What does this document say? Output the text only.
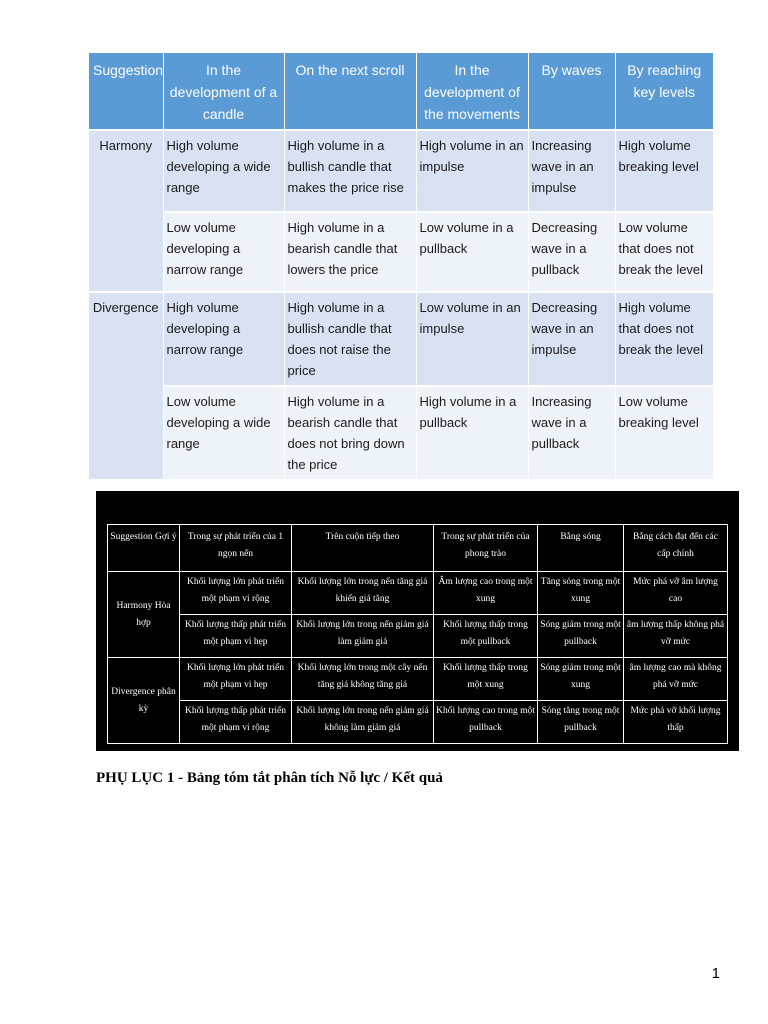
Suggestion	In the development of a candle	On the next scroll	In the development of the movements	By waves	By reaching key levels
Harmony	High volume developing a wide range	High volume in a bullish candle that makes the price rise	High volume in an impulse	Increasing wave in an impulse	High volume breaking level
	Low volume developing a narrow range	High volume in a bearish candle that lowers the price	Low volume in a pullback	Decreasing wave in a pullback	Low volume that does not break the level
Divergence	High volume developing a narrow range	High volume in a bullish candle that does not raise the price	Low volume in an impulse	Decreasing wave in an impulse	High volume that does not break the level
	Low volume developing a wide range	High volume in a bearish candle that does not bring down the price	High volume in a pullback	Increasing wave in a pullback	Low volume breaking level
Suggestion Gợi ý	Trong sự phát triển của 1 ngọn nến	Trên cuộn tiếp theo	Trong sự phát triển của phong trào	Bằng sóng	Bằng cách đạt đến các cấp chính
Harmony Hòa hợp	Khối lượng lớn phát triển một phạm vi rộng	Khối lượng lớn trong nến tăng giá khiến giá tăng	Âm lượng cao trong một xung	Tăng sóng trong một xung	Mức phá vỡ âm lượng cao
	Khối lượng thấp phát triển một phạm vi hẹp	Khối lượng lớn trong nến giảm giá làm giảm giá	Khối lượng thấp trong một pullback	Sóng giảm trong một pullback	âm lượng thấp không phá vỡ mức
Divergence phân kỳ	Khối lượng lớn phát triển một phạm vi hẹp	Khối lượng lớn trong một cây nến tăng giá không tăng giá	Khối lượng thấp trong một xung	Sóng giảm trong một xung	âm lượng cao mà không phá vỡ mức
	Khối lượng thấp phát triển một phạm vi rộng	Khối lượng lớn trong nến giảm giá không làm giảm giá	Khối lượng cao trong một pullback	Sóng tăng trong một pullback	Mức phá vỡ khối lượng thấp
PHỤ LỤC 1 - Bảng tóm tắt phân tích Nỗ lực / Kết quả
1
